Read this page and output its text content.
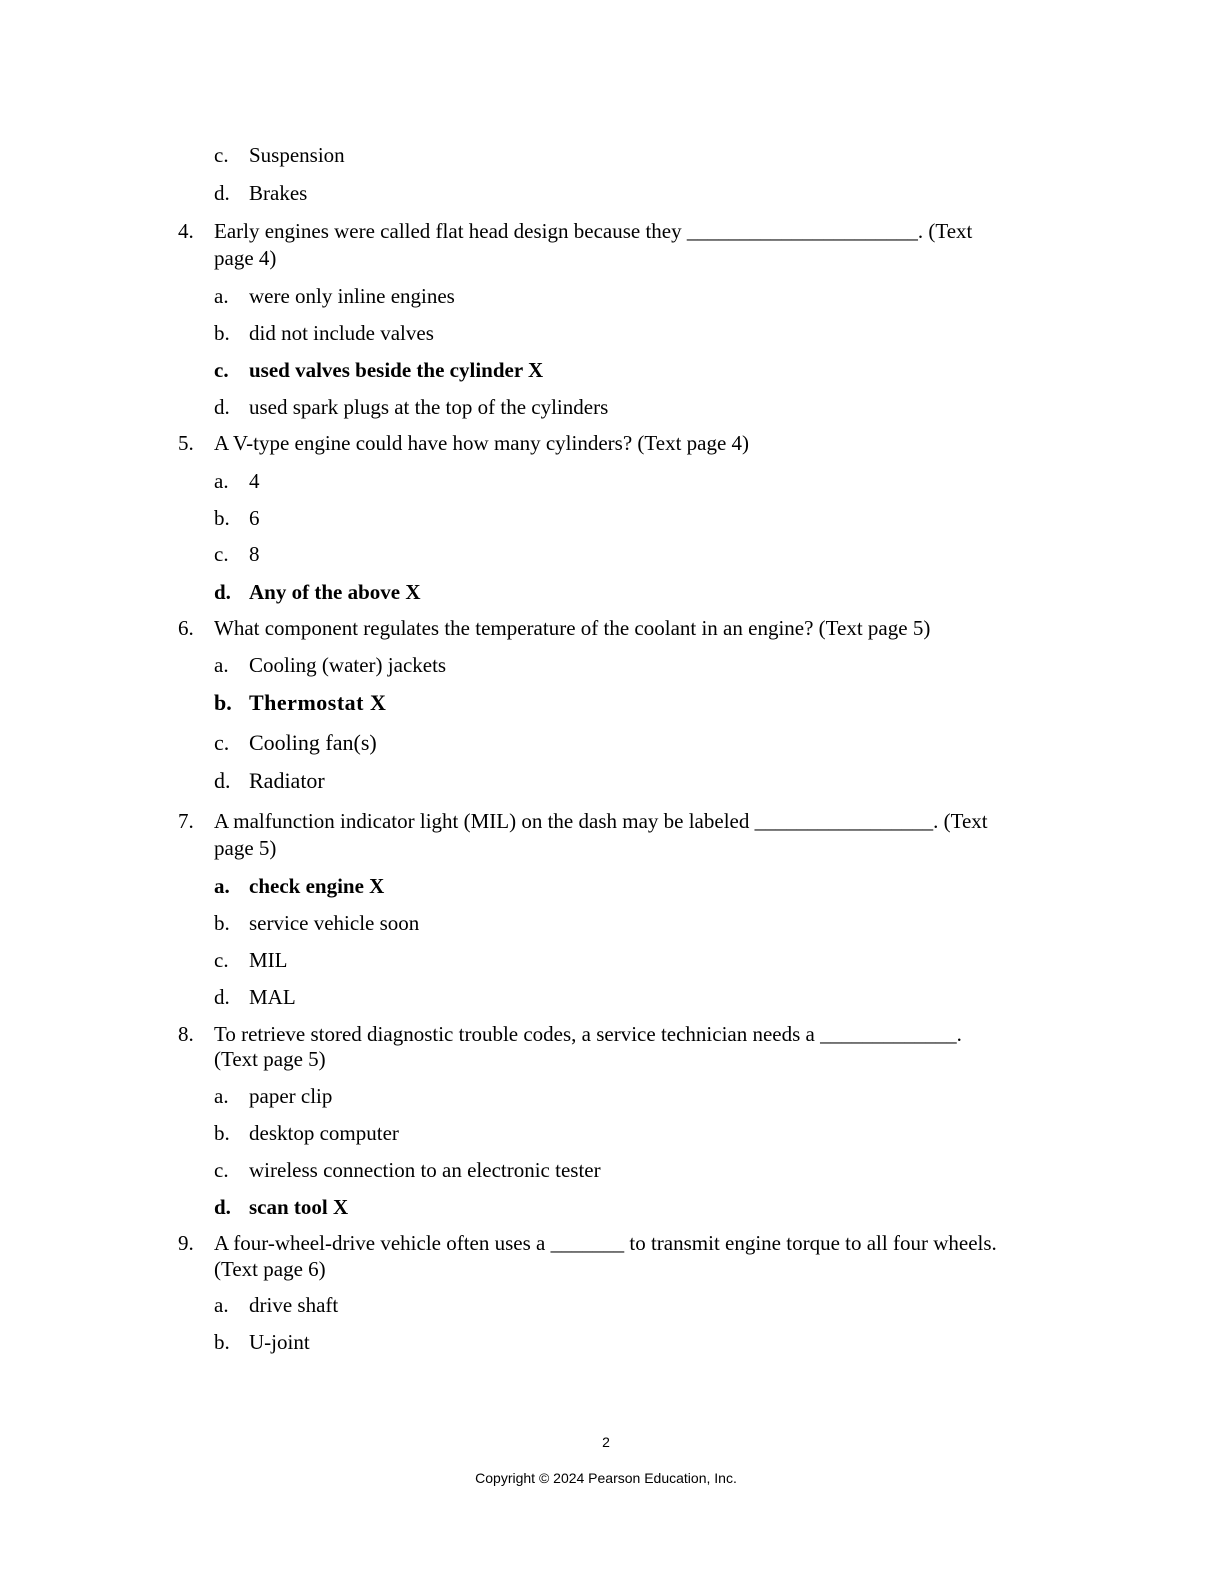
c. Suspension
d. Brakes
4. Early engines were called flat head design because they ______________________. (Text
page 4)
a. were only inline engines
b. did not include valves
c. used valves beside the cylinder X
d. used spark plugs at the top of the cylinders
5. A V-type engine could have how many cylinders? (Text page 4)
a. 4
b. 6
c. 8
d. Any of the above X
6. What component regulates the temperature of the coolant in an engine? (Text page 5)
a. Cooling (water) jackets
b. Thermostat X
c. Cooling fan(s)
d. Radiator
7. A malfunction indicator light (MIL) on the dash may be labeled _________________. (Text
page 5)
a. check engine X
b. service vehicle soon
c. MIL
d. MAL
8. To retrieve stored diagnostic trouble codes, a service technician needs a _____________.
(Text page 5)
a. paper clip
b. desktop computer
c. wireless connection to an electronic tester
d. scan tool X
9. A four-wheel-drive vehicle often uses a _______ to transmit engine torque to all four wheels.
(Text page 6)
a. drive shaft
b. U-joint
2
Copyright © 2024 Pearson Education, Inc.
